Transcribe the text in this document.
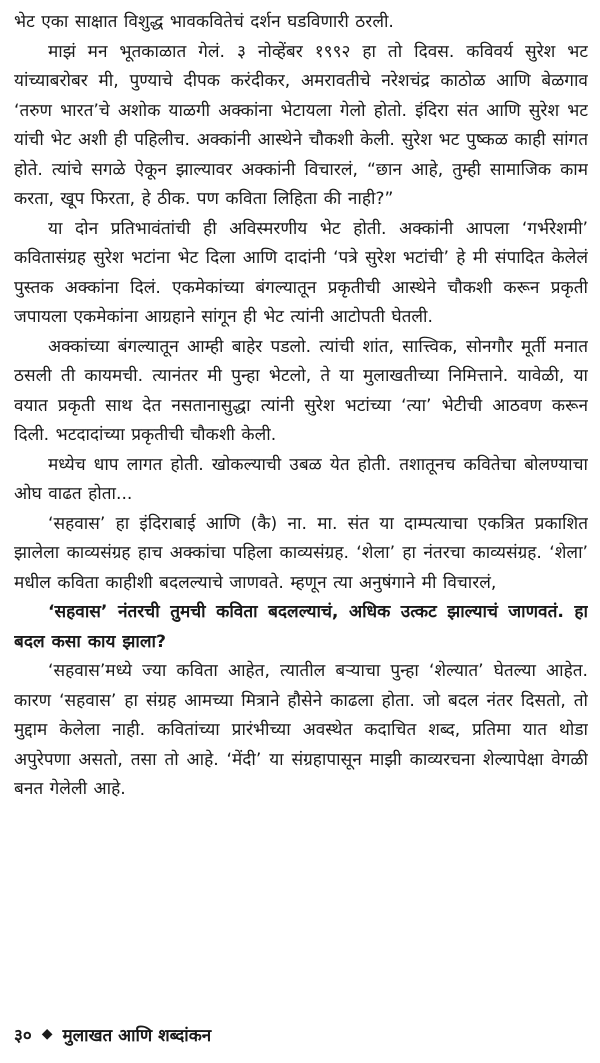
भेट एका साक्षात विशुद्ध भावकवितेचं दर्शन घडविणारी ठरली.

माझं मन भूतकाळात गेलं. ३ नोव्हेंबर १९९२ हा तो दिवस. कविवर्य सुरेश भट यांच्याबरोबर मी, पुण्याचे दीपक करंदीकर, अमरावतीचे नरेशचंद्र काठोळ आणि बेळगाव ‘तरुण भारत’चे अशोक याळगी अक्कांना भेटायला गेलो होतो. इंदिरा संत आणि सुरेश भट यांची भेट अशी ही पहिलीच. अक्कांनी आस्थेने चौकशी केली. सुरेश भट पुष्कळ काही सांगत होते. त्यांचे सगळे ऐकून झाल्यावर अक्कांनी विचारलं, “छान आहे, तुम्ही सामाजिक काम करता, खूप फिरता, हे ठीक. पण कविता लिहिता की नाही?”

या दोन प्रतिभावंतांची ही अविस्मरणीय भेट होती. अक्कांनी आपला ‘गर्भरेशमी’ कवितासंग्रह सुरेश भटांना भेट दिला आणि दादांनी ‘पत्रे सुरेश भटांची’ हे मी संपादित केलेलं पुस्तक अक्कांना दिलं. एकमेकांच्या बंगल्यातून प्रकृतीची आस्थेने चौकशी करून प्रकृती जपायला एकमेकांना आग्रहाने सांगून ही भेट त्यांनी आटोपती घेतली.

अक्कांच्या बंगल्यातून आम्ही बाहेर पडलो. त्यांची शांत, सात्त्विक, सोनगौर मूर्ती मनात ठसली ती कायमची. त्यानंतर मी पुन्हा भेटलो, ते या मुलाखतीच्या निमित्ताने. यावेळी, या वयात प्रकृती साथ देत नसतानासुद्धा त्यांनी सुरेश भटांच्या ‘त्या’ भेटीची आठवण करून दिली. भटदादांच्या प्रकृतीची चौकशी केली.

मध्येच धाप लागत होती. खोकल्याची उबळ येत होती. तशातूनच कवितेचा बोलण्याचा ओघ वाढत होता...

‘सहवास’ हा इंदिराबाई आणि (कै) ना. मा. संत या दाम्पत्याचा एकत्रित प्रकाशित झालेला काव्यसंग्रह हाच अक्कांचा पहिला काव्यसंग्रह. ‘शेला’ हा नंतरचा काव्यसंग्रह. ‘शेला’ मधील कविता काहीशी बदलल्याचे जाणवते. म्हणून त्या अनुषंगाने मी विचारलं,

‘सहवास’ नंतरची तुमची कविता बदलल्याचं, अधिक उत्कट झाल्याचं जाणवतं. हा बदल कसा काय झाला?

‘सहवास’मध्ये ज्या कविता आहेत, त्यातील बऱ्याचा पुन्हा ‘शेल्यात’ घेतल्या आहेत. कारण ‘सहवास’ हा संग्रह आमच्या मित्राने हौसेने काढला होता. जो बदल नंतर दिसतो, तो मुद्दाम केलेला नाही. कवितांच्या प्रारंभीच्या अवस्थेत कदाचित शब्द, प्रतिमा यात थोडा अपुरेपणा असतो, तसा तो आहे. ‘मेंदी’ या संग्रहापासून माझी काव्यरचना शेल्यापेक्षा वेगळी बनत गेलेली आहे.

३० ◆ मुलाखत आणि शब्दांकन
